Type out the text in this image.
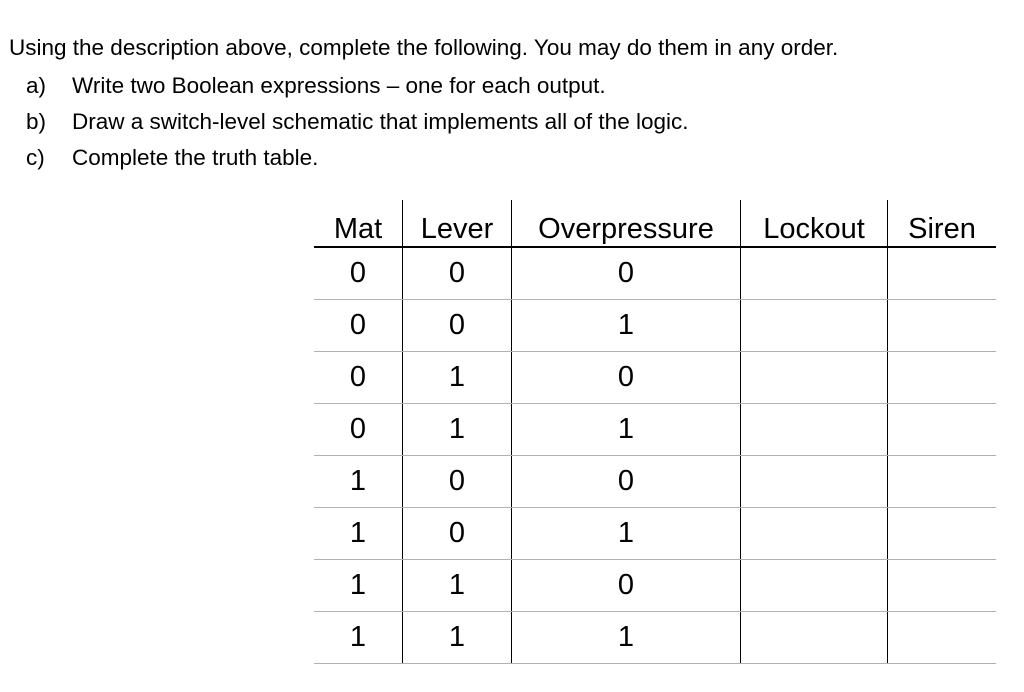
Using the description above, complete the following. You may do them in any order.

a) Write two Boolean expressions – one for each output.
b) Draw a switch-level schematic that implements all of the logic.
c) Complete the truth table.
Mat	Lever	Overpressure	Lockout	Siren
0	0	0		
0	0	1		
0	1	0		
0	1	1		
1	0	0		
1	0	1		
1	1	0		
1	1	1		
